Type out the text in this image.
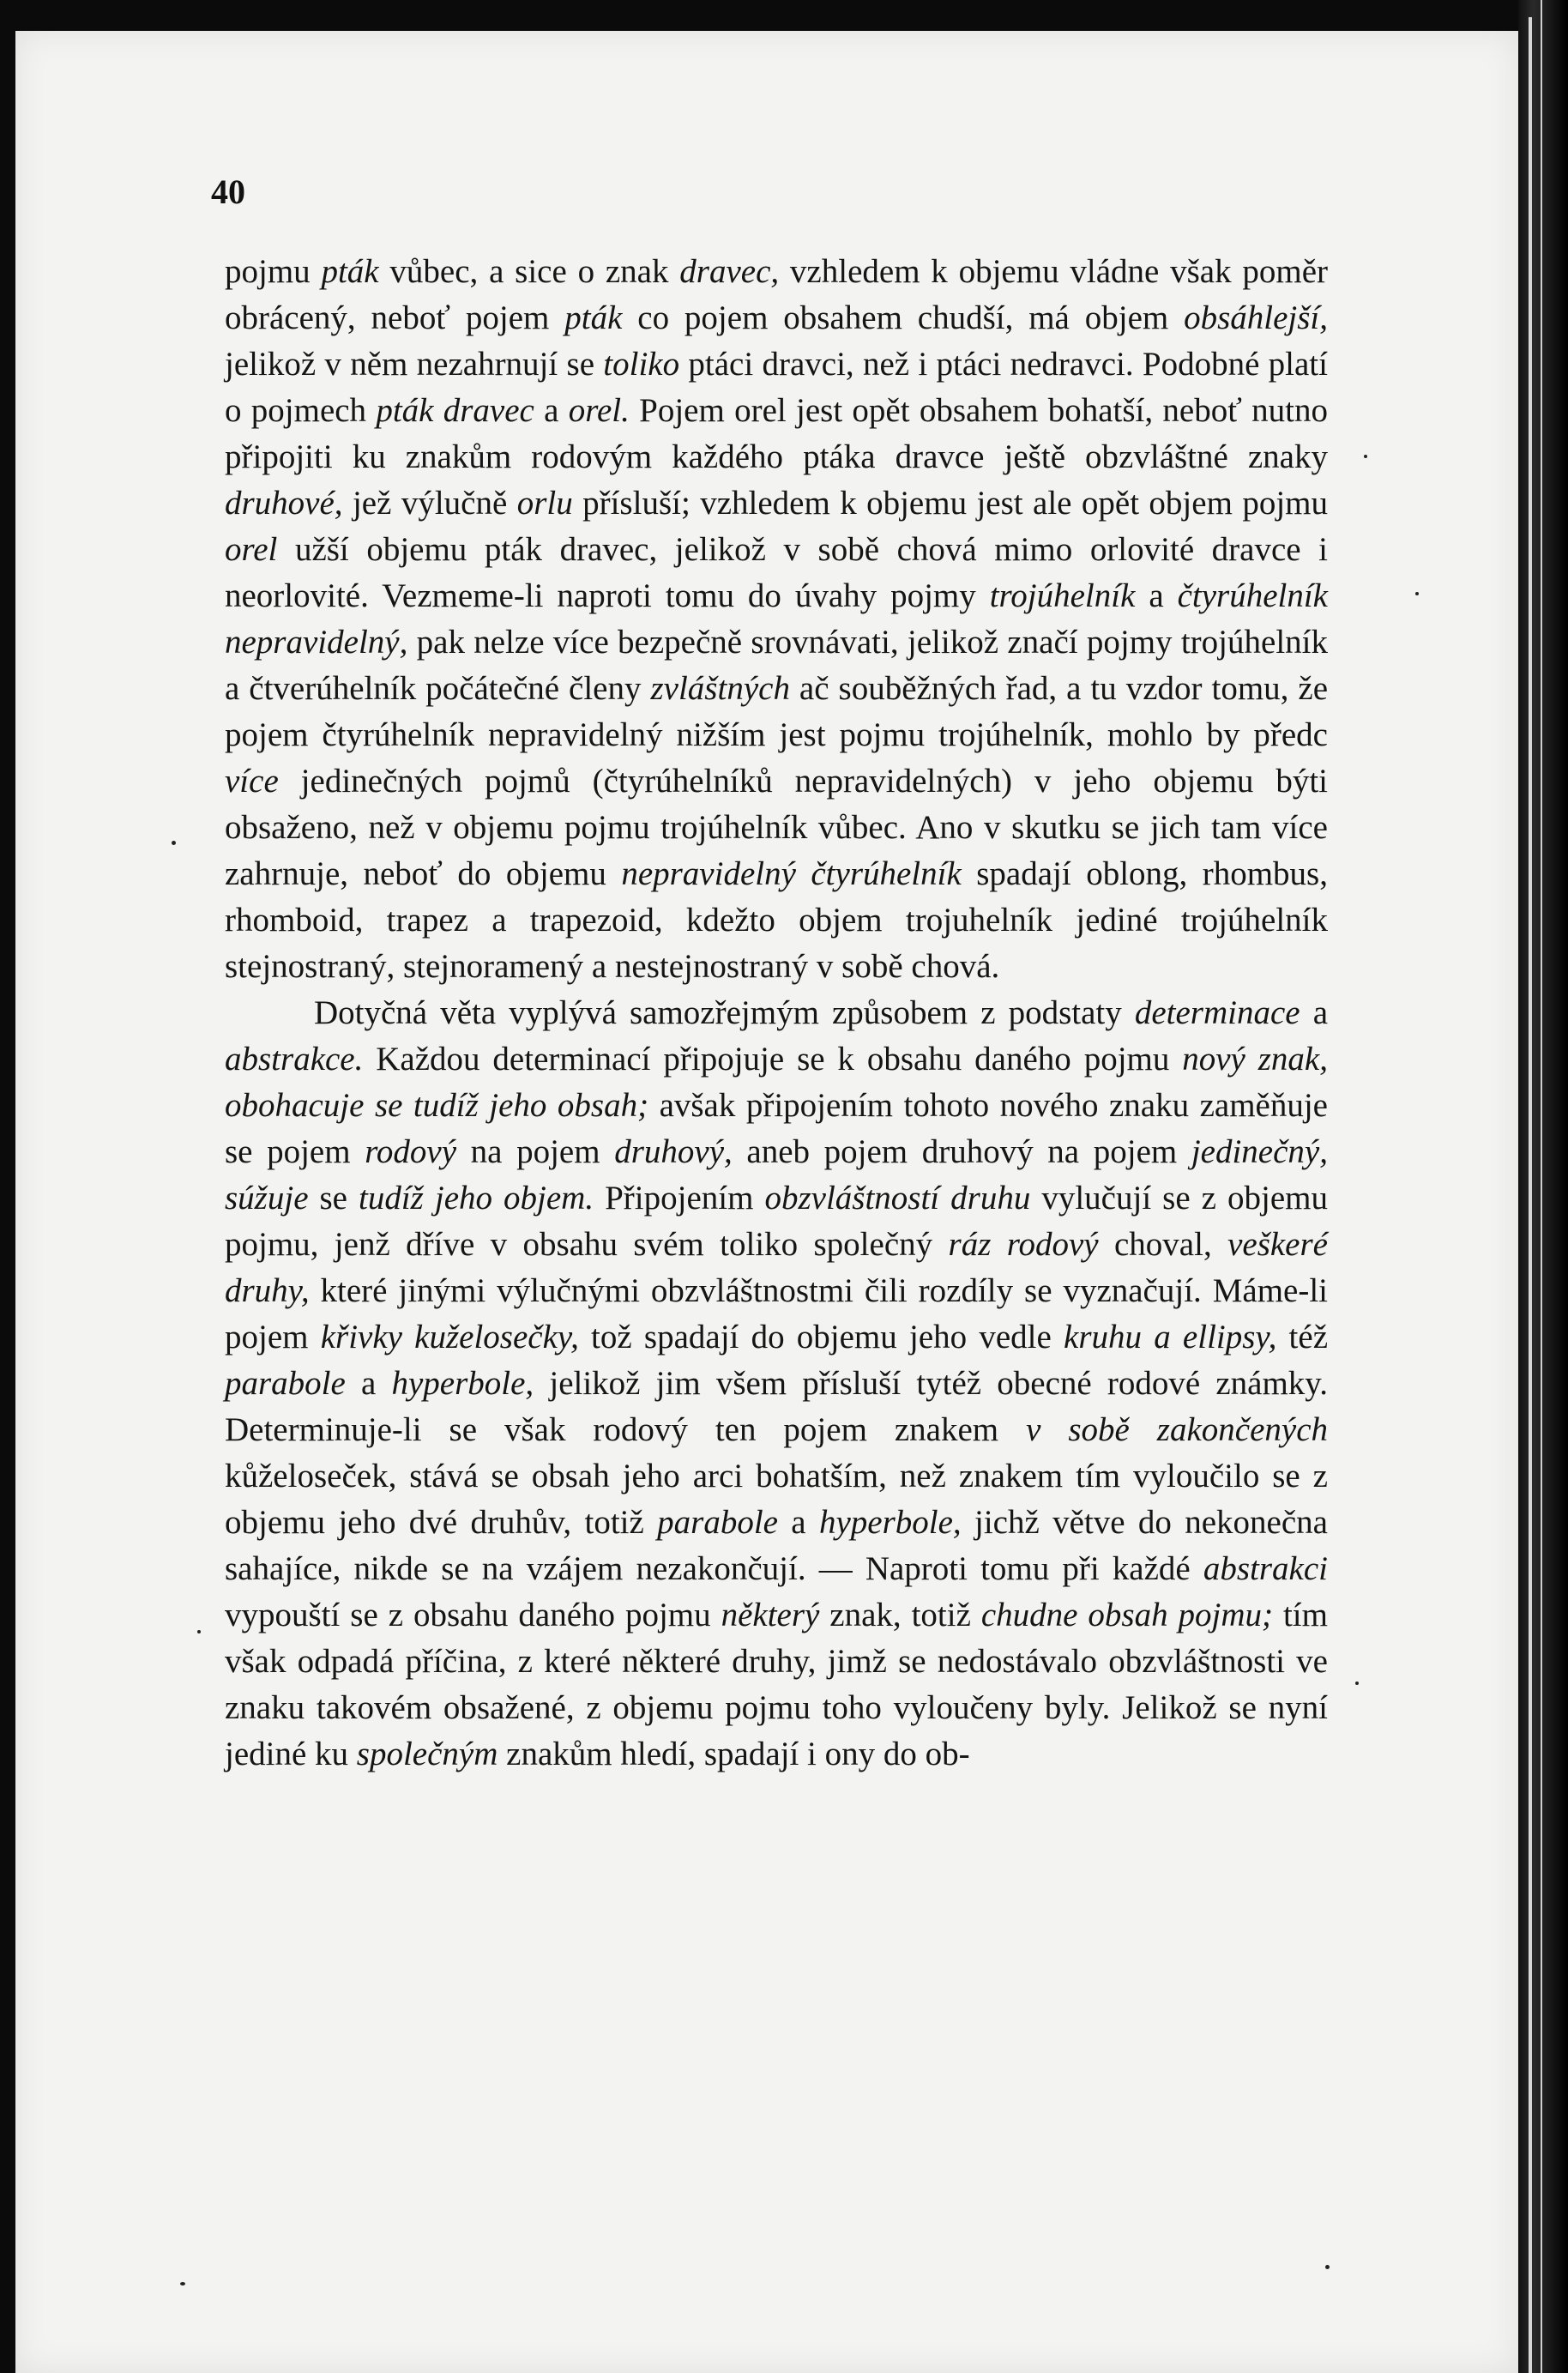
40

pojmu pták vůbec, a sice o znak dravec, vzhledem k objemu vládne však poměr obrácený, neboť pojem pták co pojem obsahem chudší, má objem obsáhlejší, jelikož v něm nezahrnují se toliko ptáci dravci, než i ptáci nedravci. Podobné platí o pojmech pták dravec a orel. Pojem orel jest opět obsahem bohatší, neboť nutno připojiti ku znakům rodovým každého ptáka dravce ještě obzvláštné znaky druhové, jež výlučně orlu přísluší; vzhledem k objemu jest ale opět objem pojmu orel užší objemu pták dravec, jelikož v sobě chová mimo orlovité dravce i neorlovité. Vezmeme-li naproti tomu do úvahy pojmy trojúhelník a čtyrúhelník nepravidelný, pak nelze více bezpečně srovnávati, jelikož značí pojmy trojúhelník a čtverúhelník počátečné členy zvláštných ač souběžných řad, a tu vzdor tomu, že pojem čtyrúhelník nepravidelný nižším jest pojmu trojúhelník, mohlo by předc více jedinečných pojmů (čtyrúhelníků nepravidelných) v jeho objemu býti obsaženo, než v objemu pojmu trojúhelník vůbec. Ano v skutku se jich tam více zahrnuje, neboť do objemu nepravidelný čtyrúhelník spadají oblong, rhombus, rhomboid, trapez a trapezoid, kdežto objem trojuhelník jediné trojúhelník stejnostraný, stejnoramený a nestejnostraný v sobě chová.

Dotyčná věta vyplývá samozřejmým způsobem z podstaty determinace a abstrakce. Každou determinací připojuje se k obsahu daného pojmu nový znak, obohacuje se tudíž jeho obsah; avšak připojením tohoto nového znaku zaměňuje se pojem rodový na pojem druhový, aneb pojem druhový na pojem jedinečný, súžuje se tudíž jeho objem. Připojením obzvláštností druhu vylučují se z objemu pojmu, jenž dříve v obsahu svém toliko společný ráz rodový choval, veškeré druhy, které jinými výlučnými obzvláštnostmi čili rozdíly se vyznačují. Máme-li pojem křivky kuželosečky, tož spadají do objemu jeho vedle kruhu a ellipsy, též parabole a hyperbole, jelikož jim všem přísluší tytéž obecné rodové známky. Determinuje-li se však rodový ten pojem znakem v sobě zakončených kůželoseček, stává se obsah jeho arci bohatším, než znakem tím vyloučilo se z objemu jeho dvé druhův, totiž parabole a hyperbole, jichž větve do nekonečna sahajíce, nikde se na vzájem nezakončují. — Naproti tomu při každé abstrakci vypouští se z obsahu daného pojmu některý znak, totiž chudne obsah pojmu; tím však odpadá příčina, z které některé druhy, jimž se nedostávalo obzvláštnosti ve znaku takovém obsažené, z objemu pojmu toho vyloučeny byly. Jelikož se nyní jediné ku společným znakům hledí, spadají i ony do ob-
